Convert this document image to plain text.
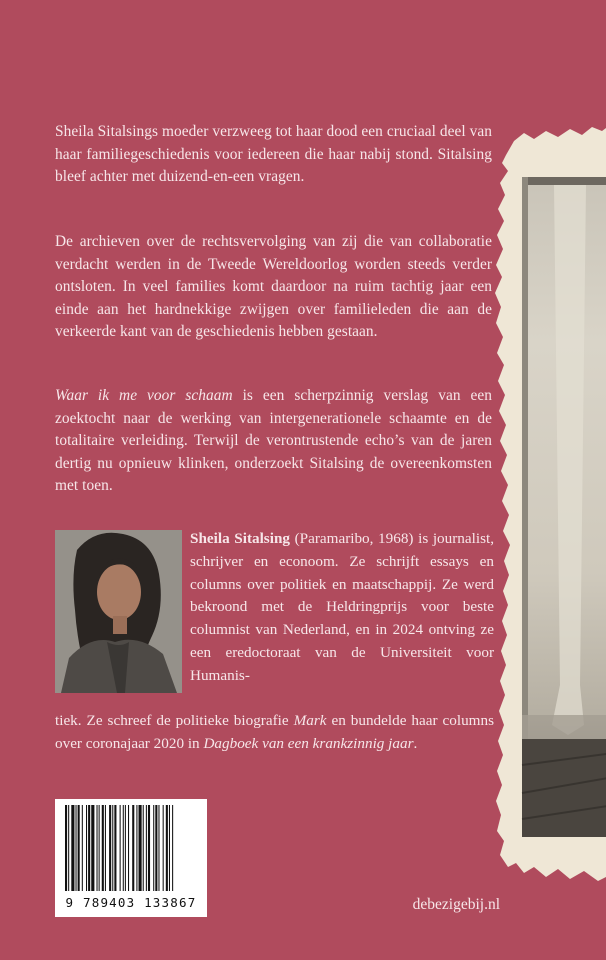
Sheila Sitalsings moeder verzweeg tot haar dood een cruciaal deel van haar familiegeschiedenis voor iedereen die haar nabij stond. Sitalsing bleef achter met duizend-en-een vragen.

De archieven over de rechtsvervolging van zij die van collaboratie verdacht werden in de Tweede Wereldoorlog worden steeds verder ontsloten. In veel families komt daardoor na ruim tachtig jaar een einde aan het hardnekkige zwijgen over familieleden die aan de verkeerde kant van de geschiedenis hebben gestaan.

Waar ik me voor schaam is een scherpzinnig verslag van een zoektocht naar de werking van intergenerationele schaamte en de totalitaire verleiding. Terwijl de verontrustende echo’s van de jaren dertig nu opnieuw klinken, onderzoekt Sitalsing de overeenkomsten met toen.

Sheila Sitalsing (Paramaribo, 1968) is journalist, schrijver en econoom. Ze schrijft essays en columns over politiek en maatschappij. Ze werd bekroond met de Heldringprijs voor beste columnist van Nederland, en in 2024 ontving ze een eredoctoraat van de Universiteit voor Humanis-

tiek. Ze schreef de politieke biografie Mark en bundelde haar columns over coronajaar 2020 in Dagboek van een krankzinnig jaar.

9 789403 133867	debezigebij.nl
